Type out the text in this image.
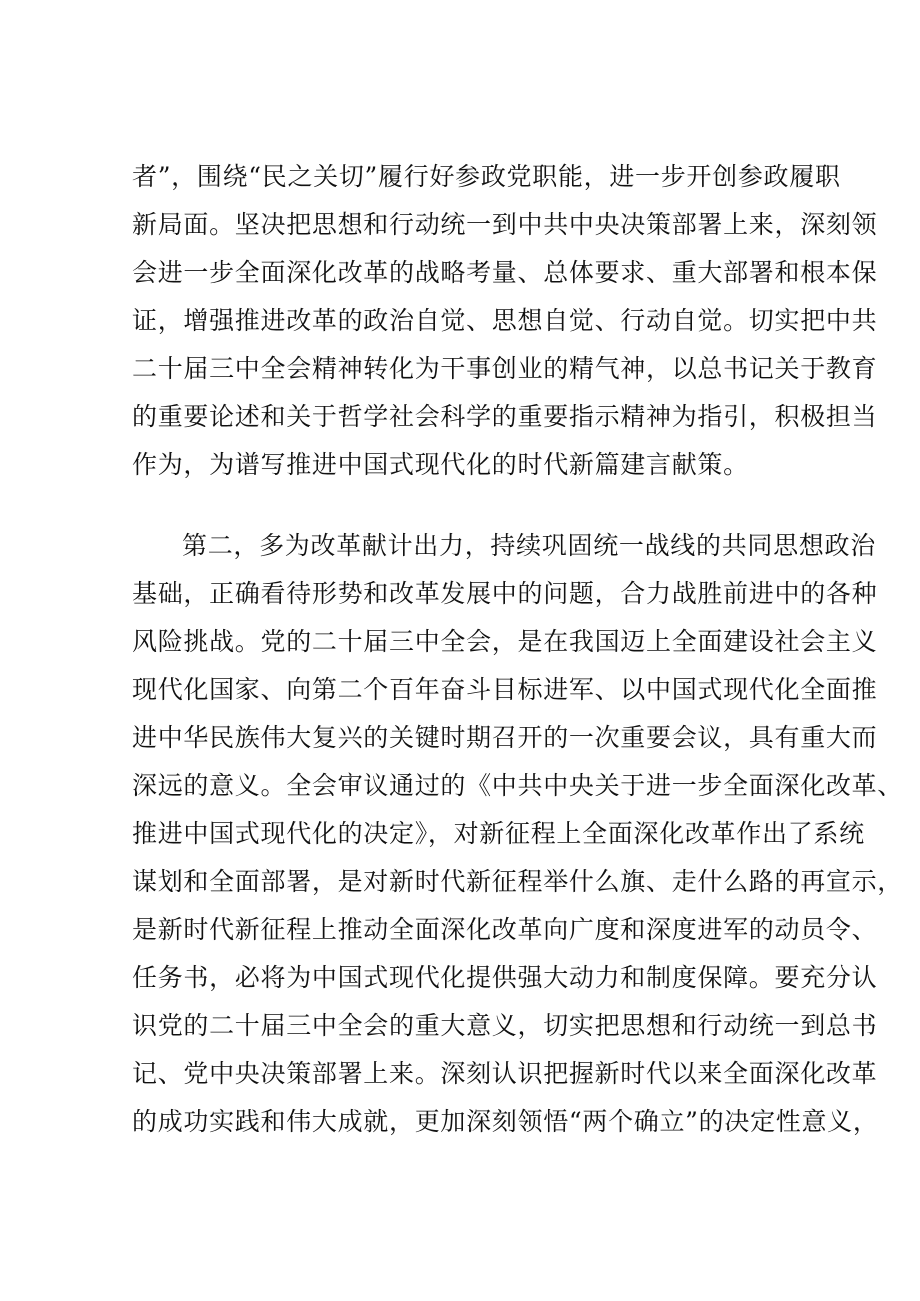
者”，围绕“民之关切”履行好参政党职能，进一步开创参政履职
新局面。坚决把思想和行动统一到中共中央决策部署上来，深刻领
会进一步全面深化改革的战略考量、总体要求、重大部署和根本保
证，增强推进改革的政治自觉、思想自觉、行动自觉。切实把中共
二十届三中全会精神转化为干事创业的精气神，以总书记关于教育
的重要论述和关于哲学社会科学的重要指示精神为指引，积极担当
作为，为谱写推进中国式现代化的时代新篇建言献策。
第二，多为改革献计出力，持续巩固统一战线的共同思想政治
基础，正确看待形势和改革发展中的问题，合力战胜前进中的各种
风险挑战。党的二十届三中全会，是在我国迈上全面建设社会主义
现代化国家、向第二个百年奋斗目标进军、以中国式现代化全面推
进中华民族伟大复兴的关键时期召开的一次重要会议，具有重大而
深远的意义。全会审议通过的《中共中央关于进一步全面深化改革、
推进中国式现代化的决定》，对新征程上全面深化改革作出了系统
谋划和全面部署，是对新时代新征程举什么旗、走什么路的再宣示，
是新时代新征程上推动全面深化改革向广度和深度进军的动员令、
任务书，必将为中国式现代化提供强大动力和制度保障。要充分认
识党的二十届三中全会的重大意义，切实把思想和行动统一到总书
记、党中央决策部署上来。深刻认识把握新时代以来全面深化改革
的成功实践和伟大成就，更加深刻领悟“两个确立”的决定性意义，
